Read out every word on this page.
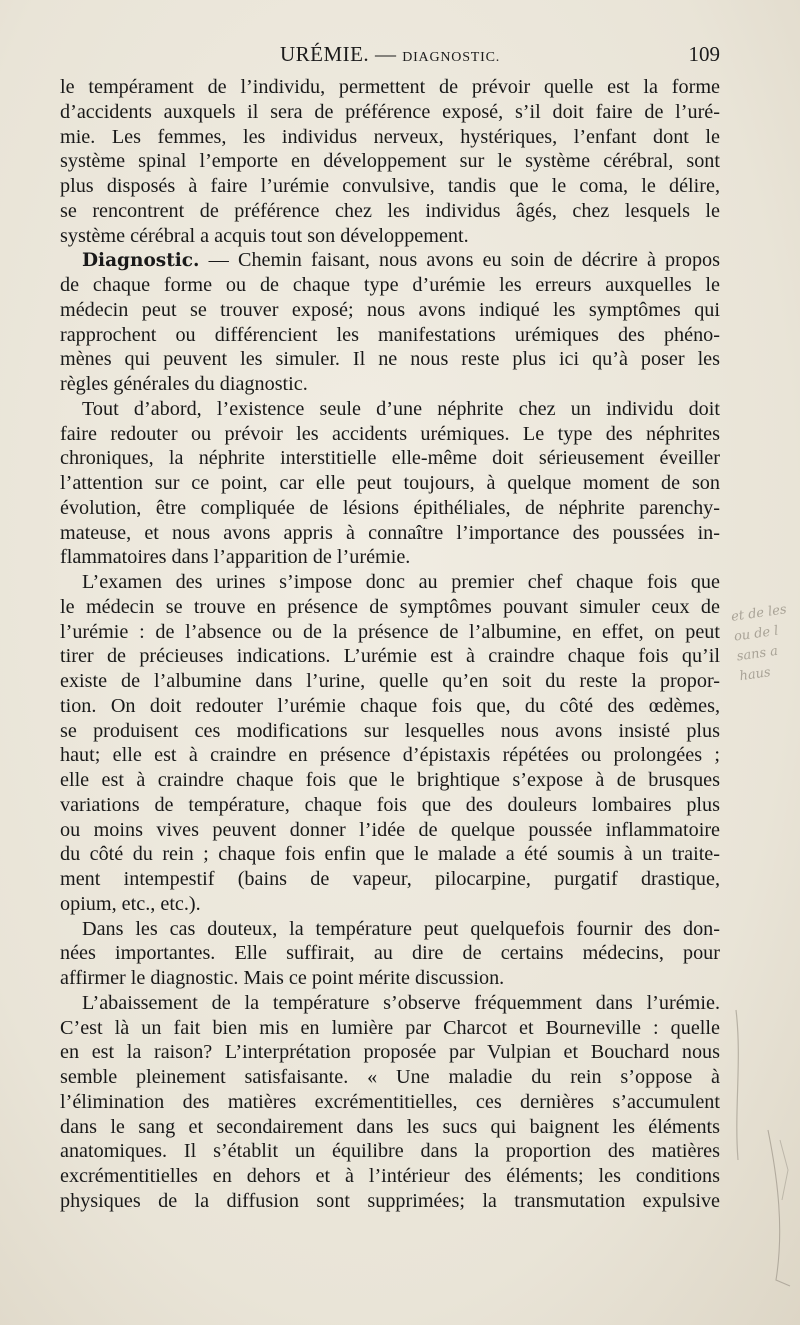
URÉMIE. — DIAGNOSTIC.	109
le tempérament de l’individu, permettent de prévoir quelle est la forme
d’accidents auxquels il sera de préférence exposé, s’il doit faire de l’uré-
mie. Les femmes, les individus nerveux, hystériques, l’enfant dont le
système spinal l’emporte en développement sur le système cérébral, sont
plus disposés à faire l’urémie convulsive, tandis que le coma, le délire,
se rencontrent de préférence chez les individus âgés, chez lesquels le
système cérébral a acquis tout son développement.
Diagnostic. — Chemin faisant, nous avons eu soin de décrire à propos
de chaque forme ou de chaque type d’urémie les erreurs auxquelles le
médecin peut se trouver exposé; nous avons indiqué les symptômes qui
rapprochent ou différencient les manifestations urémiques des phéno-
mènes qui peuvent les simuler. Il ne nous reste plus ici qu’à poser les
règles générales du diagnostic.
Tout d’abord, l’existence seule d’une néphrite chez un individu doit
faire redouter ou prévoir les accidents urémiques. Le type des néphrites
chroniques, la néphrite interstitielle elle-même doit sérieusement éveiller
l’attention sur ce point, car elle peut toujours, à quelque moment de son
évolution, être compliquée de lésions épithéliales, de néphrite parenchy-
mateuse, et nous avons appris à connaître l’importance des poussées in-
flammatoires dans l’apparition de l’urémie.
L’examen des urines s’impose donc au premier chef chaque fois que
le médecin se trouve en présence de symptômes pouvant simuler ceux de
l’urémie : de l’absence ou de la présence de l’albumine, en effet, on peut
tirer de précieuses indications. L’urémie est à craindre chaque fois qu’il
existe de l’albumine dans l’urine, quelle qu’en soit du reste la propor-
tion. On doit redouter l’urémie chaque fois que, du côté des œdèmes,
se produisent ces modifications sur lesquelles nous avons insisté plus
haut; elle est à craindre en présence d’épistaxis répétées ou prolongées ;
elle est à craindre chaque fois que le brightique s’expose à de brusques
variations de température, chaque fois que des douleurs lombaires plus
ou moins vives peuvent donner l’idée de quelque poussée inflammatoire
du côté du rein ; chaque fois enfin que le malade a été soumis à un traite-
ment intempestif (bains de vapeur, pilocarpine, purgatif drastique,
opium, etc., etc.).
Dans les cas douteux, la température peut quelquefois fournir des don-
nées importantes. Elle suffirait, au dire de certains médecins, pour
affirmer le diagnostic. Mais ce point mérite discussion.
L’abaissement de la température s’observe fréquemment dans l’urémie.
C’est là un fait bien mis en lumière par Charcot et Bourneville : quelle
en est la raison? L’interprétation proposée par Vulpian et Bouchard nous
semble pleinement satisfaisante. « Une maladie du rein s’oppose à
l’élimination des matières excrémentitielles, ces dernières s’accumulent
dans le sang et secondairement dans les sucs qui baignent les éléments
anatomiques. Il s’établit un équilibre dans la proportion des matières
excrémentitielles en dehors et à l’intérieur des éléments; les conditions
physiques de la diffusion sont supprimées; la transmutation expulsive
et de les
ou de l
sans a
haus
